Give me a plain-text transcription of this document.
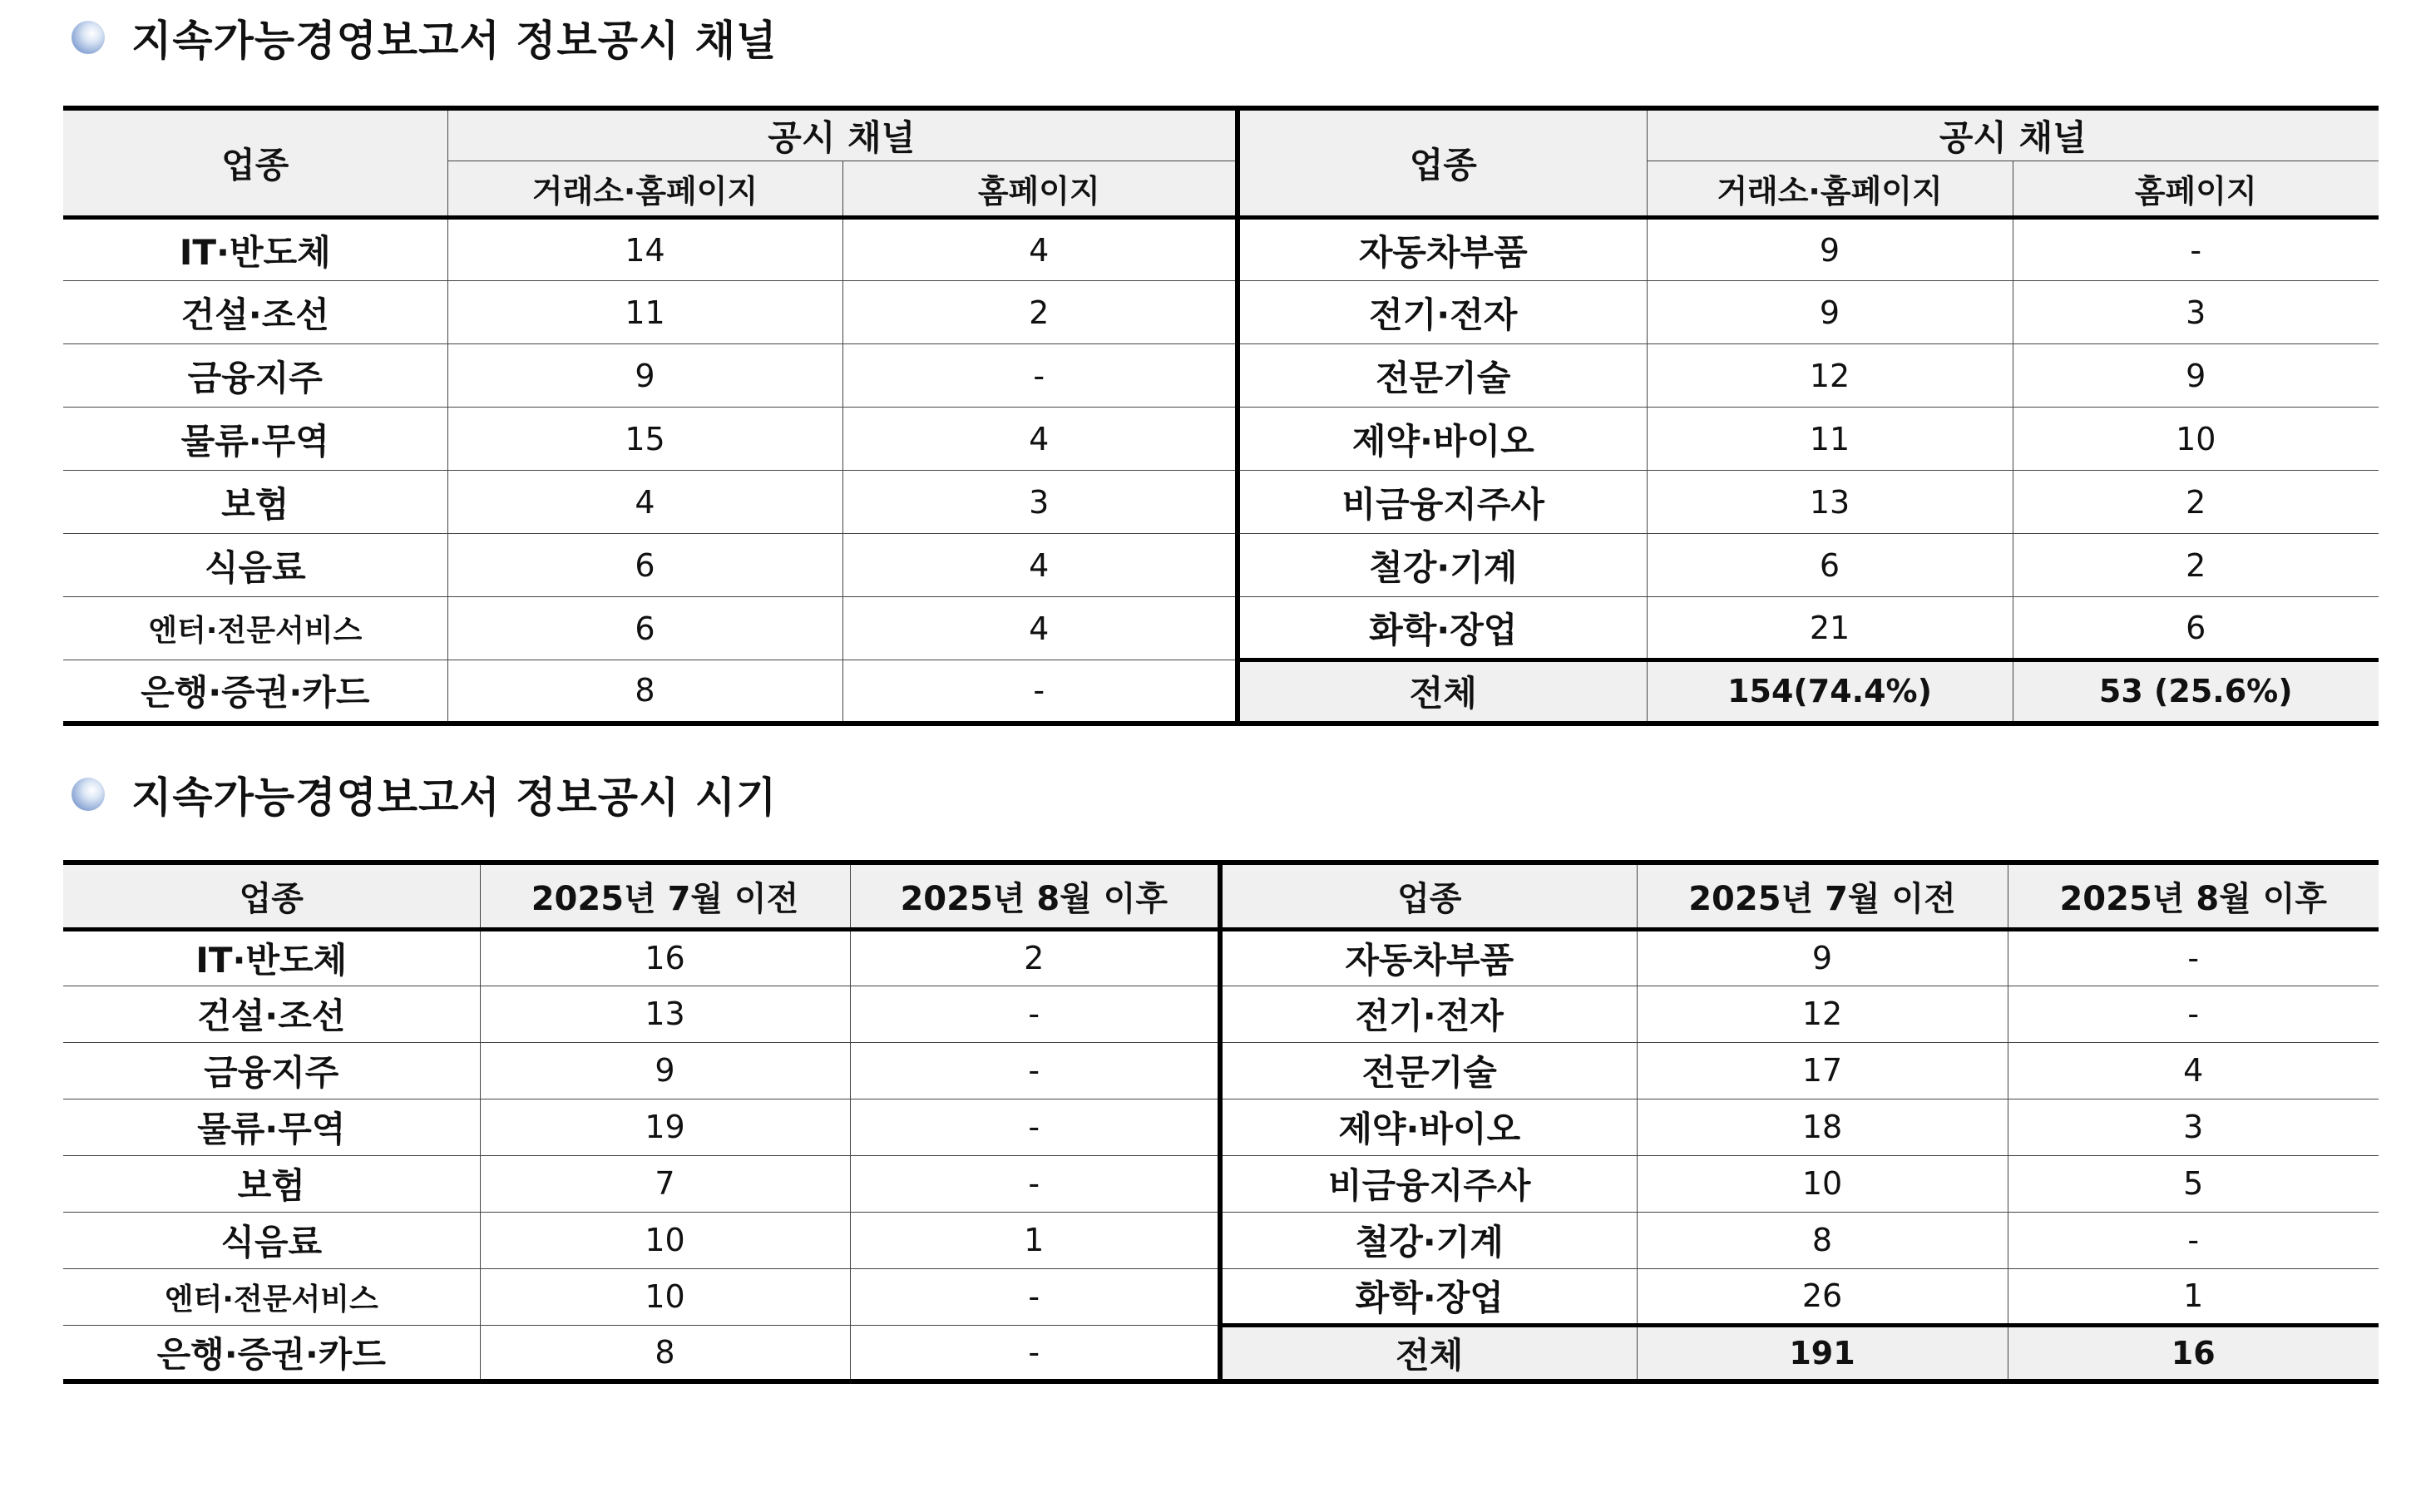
지속가능경영보고서 정보공시 채널
업종	공시 채널		업종	공시 채널	
	거래소·홈페이지	홈페이지		거래소·홈페이지	홈페이지
IT·반도체	14	4	자동차부품	9	-
건설·조선	11	2	전기·전자	9	3
금융지주	9	-	전문기술	12	9
물류·무역	15	4	제약·바이오	11	10
보험	4	3	비금융지주사	13	2
식음료	6	4	철강·기계	6	2
엔터·전문서비스	6	4	화학·장업	21	6
은행·증권·카드	8	-	전체	154(74.4%)	53 (25.6%)
지속가능경영보고서 정보공시 시기
업종	2025년 7월 이전	2025년 8월 이후	업종	2025년 7월 이전	2025년 8월 이후
IT·반도체	16	2	자동차부품	9	-
건설·조선	13	-	전기·전자	12	-
금융지주	9	-	전문기술	17	4
물류·무역	19	-	제약·바이오	18	3
보험	7	-	비금융지주사	10	5
식음료	10	1	철강·기계	8	-
엔터·전문서비스	10	-	화학·장업	26	1
은행·증권·카드	8	-	전체	191	16
